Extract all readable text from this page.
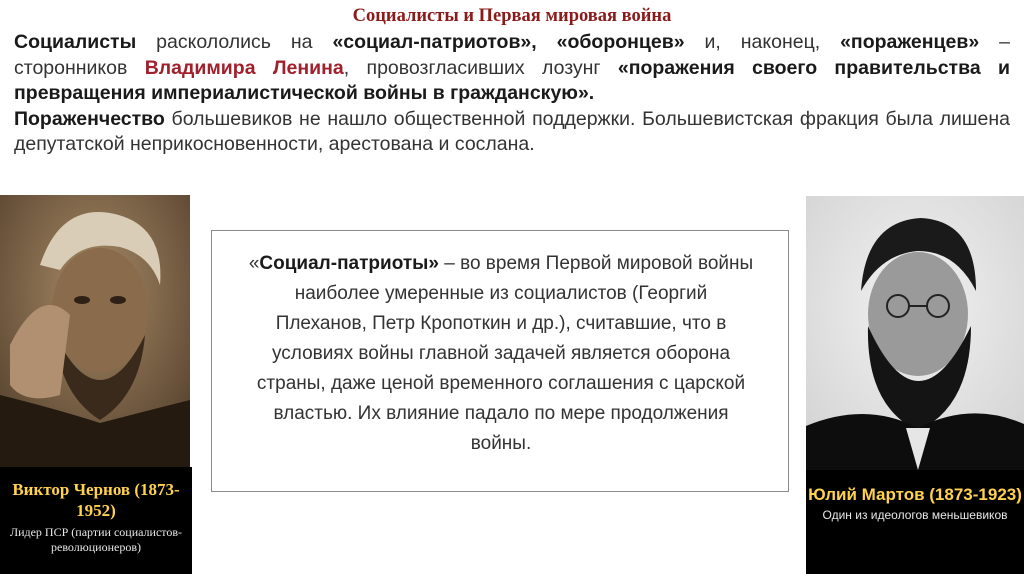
Социалисты и Первая мировая война
Социалисты раскололись на «социал-патриотов», «оборонцев» и, наконец, «пораженцев» – сторонников Владимира Ленина, провозгласивших лозунг «поражения своего правительства и превращения империалистической войны в гражданскую».
Пораженчество большевиков не нашло общественной поддержки. Большевистская фракция была лишена депутатской неприкосновенности, арестована и сослана.
Виктор Чернов (1873-1952)
Лидер ПСР (партии социалистов-революционеров)
«Социал-патриоты» – во время Первой мировой войны наиболее умеренные из социалистов (Георгий Плеханов, Петр Кропоткин и др.), считавшие, что в условиях войны главной задачей является оборона страны, даже ценой временного соглашения с царской властью. Их влияние падало по мере продолжения войны.
Юлий Мартов (1873-1923)
Один из идеологов меньшевиков
